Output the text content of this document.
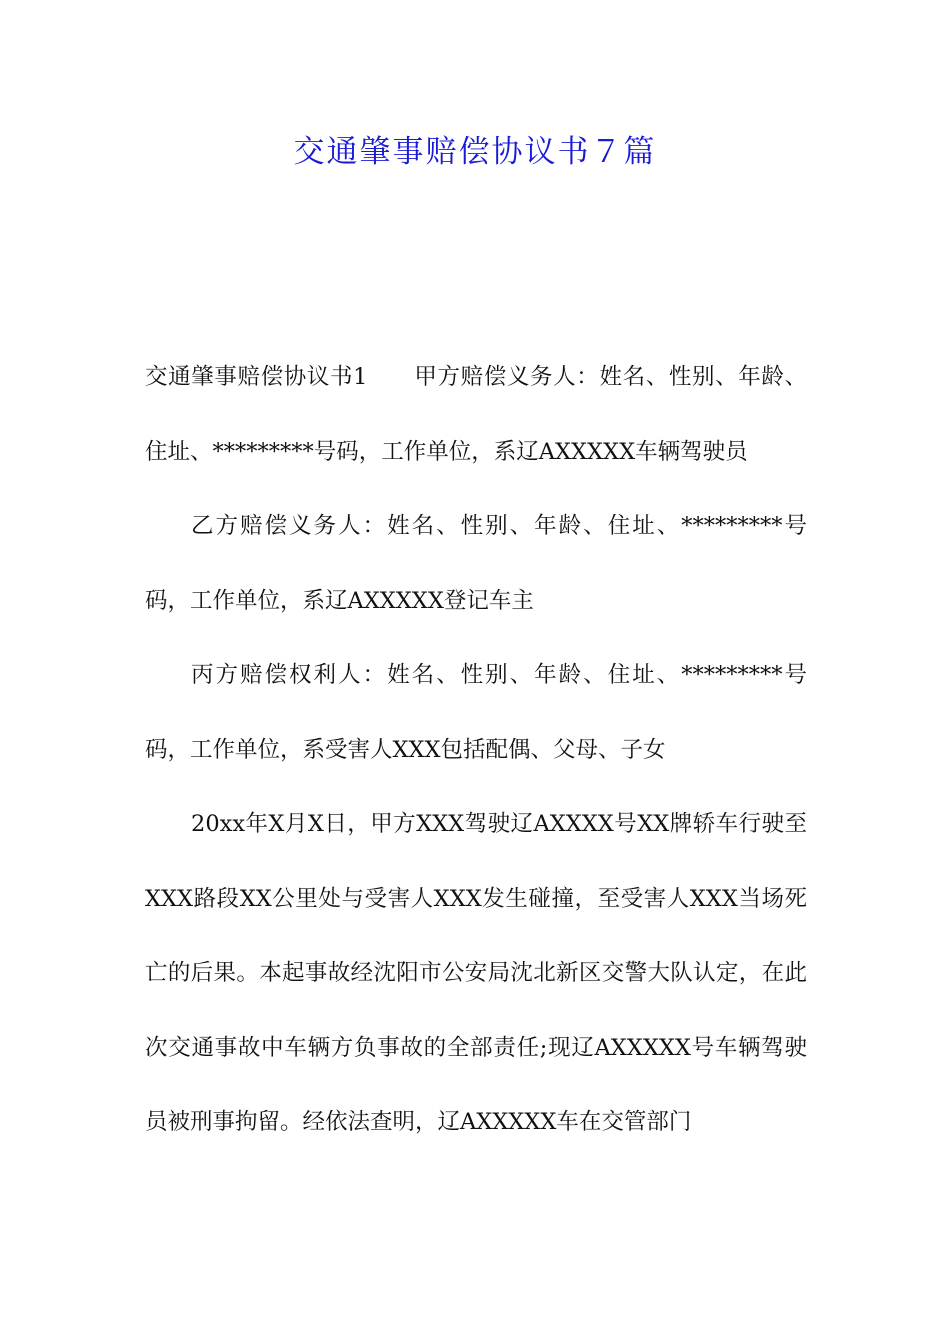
交通肇事赔偿协议书７篇

交通肇事赔偿协议书1　　甲方赔偿义务人：姓名、性别、年龄、住址、*********号码，工作单位，系辽AXXXXX车辆驾驶员

乙方赔偿义务人：姓名、性别、年龄、住址、*********号码，工作单位，系辽AXXXXX登记车主

丙方赔偿权利人：姓名、性别、年龄、住址、*********号码，工作单位，系受害人XXX包括配偶、父母、子女

20xx年X月X日，甲方XXX驾驶辽AXXXX号XX牌轿车行驶至XXX路段XX公里处与受害人XXX发生碰撞，至受害人XXX当场死亡的后果。本起事故经沈阳市公安局沈北新区交警大队认定，在此次交通事故中车辆方负事故的全部责任;现辽AXXXXX号车辆驾驶员被刑事拘留。经依法查明，辽AXXXXX车在交管部门
